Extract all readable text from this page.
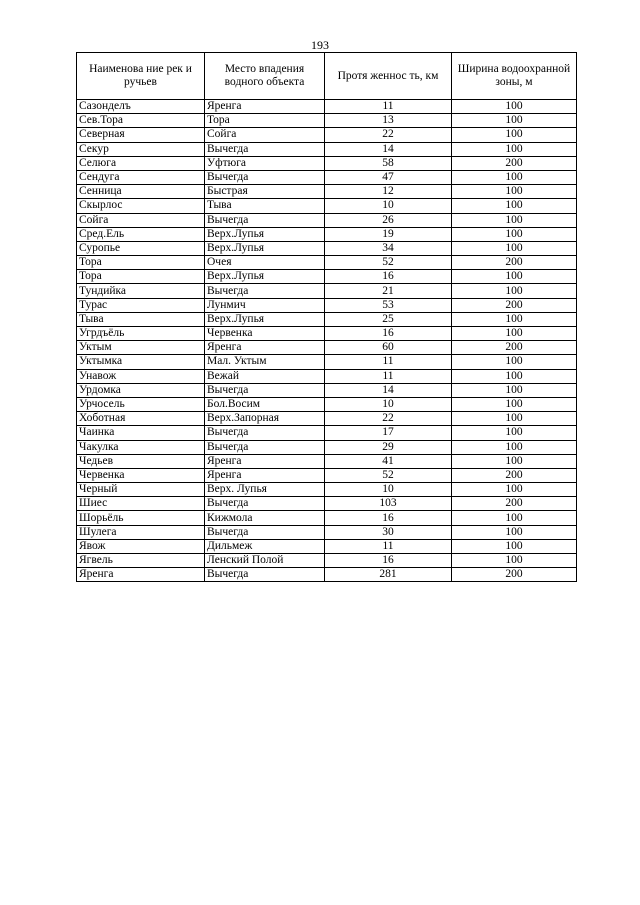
193
Наименова ние рек и ручьев	Место впадения водного объекта	Протя женнос ть, км	Ширина водоохранной зоны, м
Сазонделъ	Яренга	11	100
Сев.Тора	Тора	13	100
Северная	Сойга	22	100
Секур	Вычегда	14	100
Селюга	Уфтюга	58	200
Сендуга	Вычегда	47	100
Сенница	Быстрая	12	100
Скырлос	Тыва	10	100
Сойга	Вычегда	26	100
Сред.Ель	Верх.Лупья	19	100
Суропье	Верх.Лупья	34	100
Тора	Очея	52	200
Тора	Верх.Лупья	16	100
Тундийка	Вычегда	21	100
Турас	Лунмич	53	200
Тыва	Верх.Лупья	25	100
Угрдъёль	Червенка	16	100
Уктым	Яренга	60	200
Уктымка	Мал. Уктым	11	100
Унавож	Вежай	11	100
Урдомка	Вычегда	14	100
Урчосель	Бол.Восим	10	100
Хоботная	Верх.Запорная	22	100
Чаинка	Вычегда	17	100
Чакулка	Вычегда	29	100
Чедьев	Яренга	41	100
Червенка	Яренга	52	200
Черный	Верх. Лупья	10	100
Шиес	Вычегда	103	200
Шорьёль	Кижмола	16	100
Шулега	Вычегда	30	100
Явож	Дильмеж	11	100
Ягвель	Ленский Полой	16	100
Яренга	Вычегда	281	200
